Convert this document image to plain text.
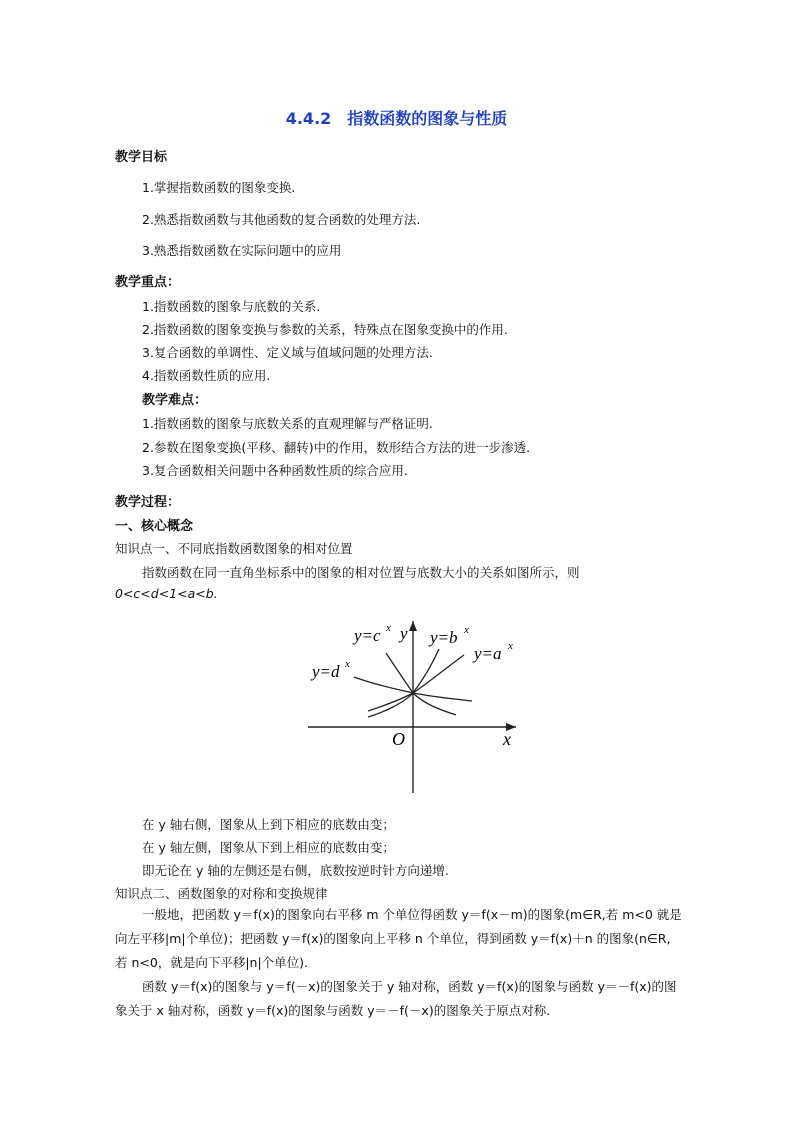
4.4.2　指数函数的图象与性质
教学目标
1.掌握指数函数的图象变换.
2.熟悉指数函数与其他函数的复合函数的处理方法.
3.熟悉指数函数在实际问题中的应用
教学重点：
1.指数函数的图象与底数的关系.
2.指数函数的图象变换与参数的关系，特殊点在图象变换中的作用.
3.复合函数的单调性、定义域与值域问题的处理方法.
4.指数函数性质的应用.
教学难点：
1.指数函数的图象与底数关系的直观理解与严格证明.
2.参数在图象变换(平移、翻转)中的作用，数形结合方法的进一步渗透.
3.复合函数相关问题中各种函数性质的综合应用.
教学过程：
一、核心概念
知识点一、不同底指数函数图象的相对位置
指数函数在同一直角坐标系中的图象的相对位置与底数大小的关系如图所示，则
0<c<d<1<a<b.
y=c x y y=b x
y=a x
y=d x
O	x
在 y 轴右侧，图象从上到下相应的底数由变；
在 y 轴左侧，图象从下到上相应的底数由变；
即无论在 y 轴的左侧还是右侧，底数按逆时针方向递增.
知识点二、函数图象的对称和变换规律
一般地，把函数 y＝f(x)的图象向右平移 m 个单位得函数 y＝f(x－m)的图象(m∈R,若 m<0 就是向左平移|m|个单位)；把函数 y＝f(x)的图象向上平移 n 个单位，得到函数 y＝f(x)＋n 的图象(n∈R, 若 n<0，就是向下平移|n|个单位).
函数 y＝f(x)的图象与 y＝f(－x)的图象关于 y 轴对称，函数 y＝f(x)的图象与函数 y＝－f(x)的图象关于 x 轴对称，函数 y＝f(x)的图象与函数 y＝－f(－x)的图象关于原点对称.
